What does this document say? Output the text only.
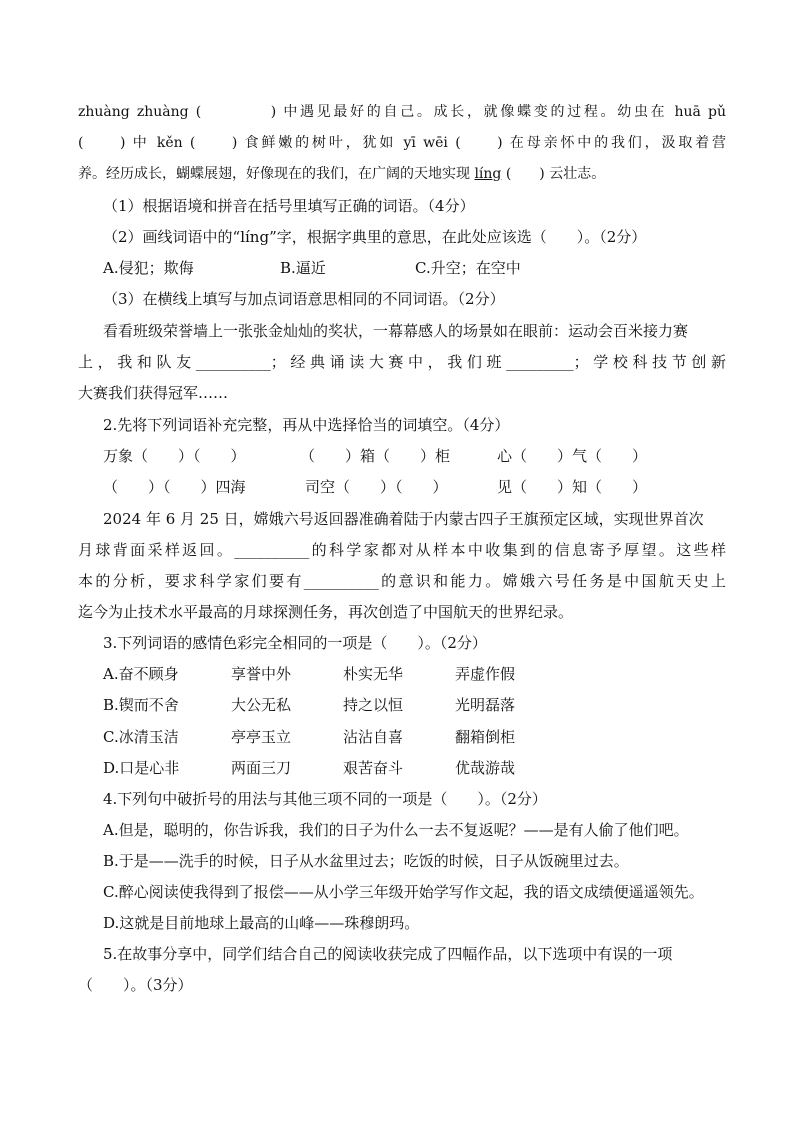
zhuàng zhuàng (　　　　) 中遇见最好的自己。成长，就像蝶变的过程。幼虫在 huā pǔ
(　　) 中 kěn (　　) 食鲜嫩的树叶，犹如 yī wēi (　　) 在母亲怀中的我们，汲取着营
养。经历成长，蝴蝶展翅，好像现在的我们，在广阔的天地实现 líng (　　) 云壮志。
（1）根据语境和拼音在括号里填写正确的词语。（4分）
（2）画线词语中的“líng”字，根据字典里的意思，在此处应该选（　　）。（2分）
A.侵犯；欺侮	B.逼近	C.升空；在空中
（3）在横线上填写与加点词语意思相同的不同词语。（2分）
看看班级荣誉墙上一张张金灿灿的奖状，一幕幕感人的场景如在眼前：运动会百米接力赛
上，我和队友__________；经典诵读大赛中，我们班_________；学校科技节创新
大赛我们获得冠军……
2.先将下列词语补充完整，再从中选择恰当的词填空。（4分）
万象（　　）（　　）	（　　）箱（　　）柜	心（　　）气（　　）
（　　）（　　）四海	司空（　　）（　　）	见（　　）知（　　）
2024 年 6 月 25 日，嫦娥六号返回器准确着陆于内蒙古四子王旗预定区域，实现世界首次
月球背面采样返回。__________的科学家都对从样本中收集到的信息寄予厚望。这些样
本的分析，要求科学家们要有__________的意识和能力。嫦娥六号任务是中国航天史上
迄今为止技术水平最高的月球探测任务，再次创造了中国航天的世界纪录。
3.下列词语的感情色彩完全相同的一项是（　　）。（2分）
A.奋不顾身	享誉中外	朴实无华	弄虚作假
B.锲而不舍	大公无私	持之以恒	光明磊落
C.冰清玉洁	亭亭玉立	沾沾自喜	翻箱倒柜
D.口是心非	两面三刀	艰苦奋斗	优哉游哉
4.下列句中破折号的用法与其他三项不同的一项是（　　）。（2分）
A.但是，聪明的，你告诉我，我们的日子为什么一去不复返呢？——是有人偷了他们吧。
B.于是——洗手的时候，日子从水盆里过去；吃饭的时候，日子从饭碗里过去。
C.醉心阅读使我得到了报偿——从小学三年级开始学写作文起，我的语文成绩便遥遥领先。
D.这就是目前地球上最高的山峰——珠穆朗玛。
5.在故事分享中，同学们结合自己的阅读收获完成了四幅作品，以下选项中有误的一项
（　　）。（3分）
